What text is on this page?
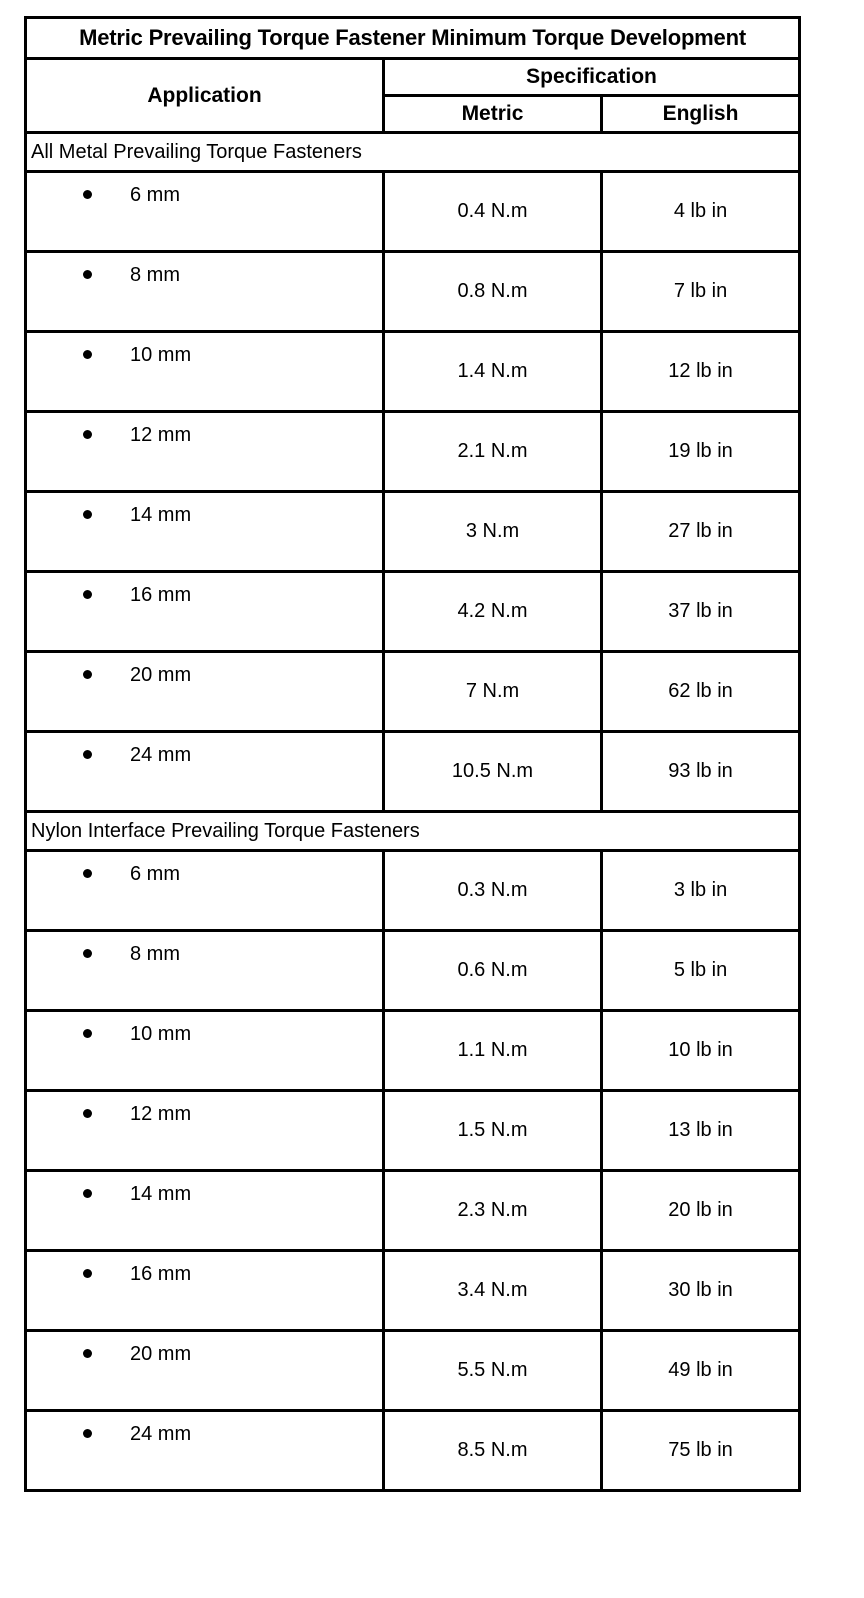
Metric Prevailing Torque Fastener Minimum Torque Development		
Application	Specification	
	Metric	English
All Metal Prevailing Torque Fasteners		

6 mm	0.4 N.m	4 lb in

8 mm	0.8 N.m	7 lb in

10 mm	1.4 N.m	12 lb in

12 mm	2.1 N.m	19 lb in

14 mm	3 N.m	27 lb in

16 mm	4.2 N.m	37 lb in

20 mm	7 N.m	62 lb in

24 mm	10.5 N.m	93 lb in
Nylon Interface Prevailing Torque Fasteners		

6 mm	0.3 N.m	3 lb in

8 mm	0.6 N.m	5 lb in

10 mm	1.1 N.m	10 lb in

12 mm	1.5 N.m	13 lb in

14 mm	2.3 N.m	20 lb in

16 mm	3.4 N.m	30 lb in

20 mm	5.5 N.m	49 lb in

24 mm	8.5 N.m	75 lb in
